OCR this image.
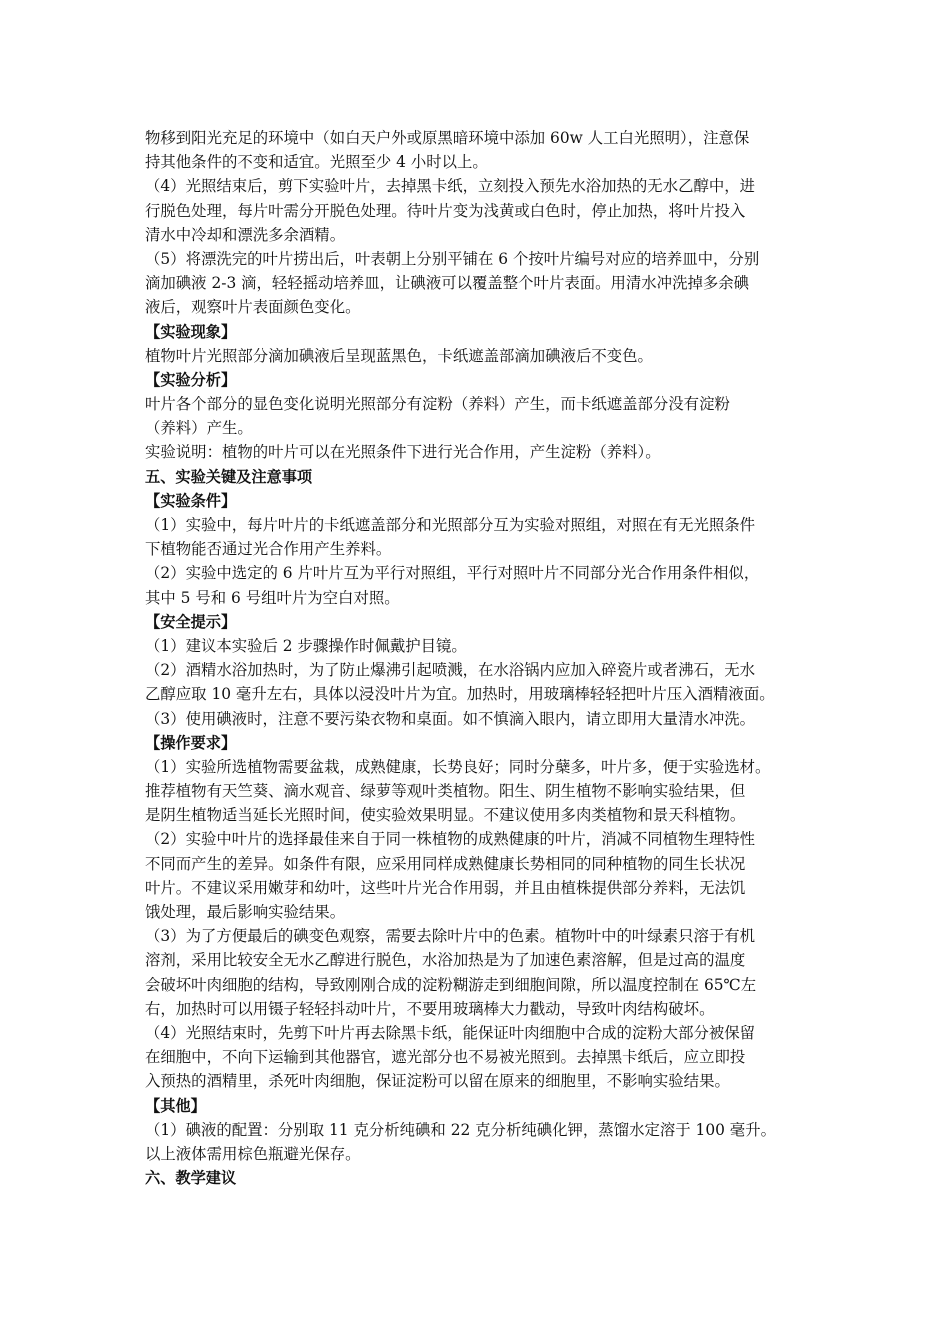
物移到阳光充足的环境中（如白天户外或原黑暗环境中添加 60w 人工白光照明），注意保
持其他条件的不变和适宜。光照至少 4 小时以上。
（4）光照结束后，剪下实验叶片，去掉黑卡纸，立刻投入预先水浴加热的无水乙醇中，进
行脱色处理，每片叶需分开脱色处理。待叶片变为浅黄或白色时，停止加热，将叶片投入
清水中冷却和漂洗多余酒精。
（5）将漂洗完的叶片捞出后，叶表朝上分别平铺在 6 个按叶片编号对应的培养皿中，分别
滴加碘液 2-3 滴，轻轻摇动培养皿，让碘液可以覆盖整个叶片表面。用清水冲洗掉多余碘
液后，观察叶片表面颜色变化。
【实验现象】
植物叶片光照部分滴加碘液后呈现蓝黑色，卡纸遮盖部滴加碘液后不变色。
【实验分析】
叶片各个部分的显色变化说明光照部分有淀粉（养料）产生，而卡纸遮盖部分没有淀粉
（养料）产生。
实验说明：植物的叶片可以在光照条件下进行光合作用，产生淀粉（养料）。
五、实验关键及注意事项
【实验条件】
（1）实验中，每片叶片的卡纸遮盖部分和光照部分互为实验对照组，对照在有无光照条件
下植物能否通过光合作用产生养料。
（2）实验中选定的 6 片叶片互为平行对照组，平行对照叶片不同部分光合作用条件相似，
其中 5 号和 6 号组叶片为空白对照。
【安全提示】
（1）建议本实验后 2 步骤操作时佩戴护目镜。
（2）酒精水浴加热时，为了防止爆沸引起喷溅，在水浴锅内应加入碎瓷片或者沸石，无水
乙醇应取 10 毫升左右，具体以浸没叶片为宜。加热时，用玻璃棒轻轻把叶片压入酒精液面。
（3）使用碘液时，注意不要污染衣物和桌面。如不慎滴入眼内，请立即用大量清水冲洗。
【操作要求】
（1）实验所选植物需要盆栽，成熟健康，长势良好；同时分蘖多，叶片多，便于实验选材。
推荐植物有天竺葵、滴水观音、绿萝等观叶类植物。阳生、阴生植物不影响实验结果，但
是阴生植物适当延长光照时间，使实验效果明显。不建议使用多肉类植物和景天科植物。
（2）实验中叶片的选择最佳来自于同一株植物的成熟健康的叶片，消减不同植物生理特性
不同而产生的差异。如条件有限，应采用同样成熟健康长势相同的同种植物的同生长状况
叶片。不建议采用嫩芽和幼叶，这些叶片光合作用弱，并且由植株提供部分养料，无法饥
饿处理，最后影响实验结果。
（3）为了方便最后的碘变色观察，需要去除叶片中的色素。植物叶中的叶绿素只溶于有机
溶剂，采用比较安全无水乙醇进行脱色，水浴加热是为了加速色素溶解，但是过高的温度
会破坏叶肉细胞的结构，导致刚刚合成的淀粉糊游走到细胞间隙，所以温度控制在 65℃左
右，加热时可以用镊子轻轻抖动叶片，不要用玻璃棒大力戳动，导致叶肉结构破坏。
（4）光照结束时，先剪下叶片再去除黑卡纸，能保证叶肉细胞中合成的淀粉大部分被保留
在细胞中，不向下运输到其他器官，遮光部分也不易被光照到。去掉黑卡纸后，应立即投
入预热的酒精里，杀死叶肉细胞，保证淀粉可以留在原来的细胞里，不影响实验结果。
【其他】
（1）碘液的配置：分别取 11 克分析纯碘和 22 克分析纯碘化钾，蒸馏水定溶于 100 毫升。
以上液体需用棕色瓶避光保存。
六、教学建议
